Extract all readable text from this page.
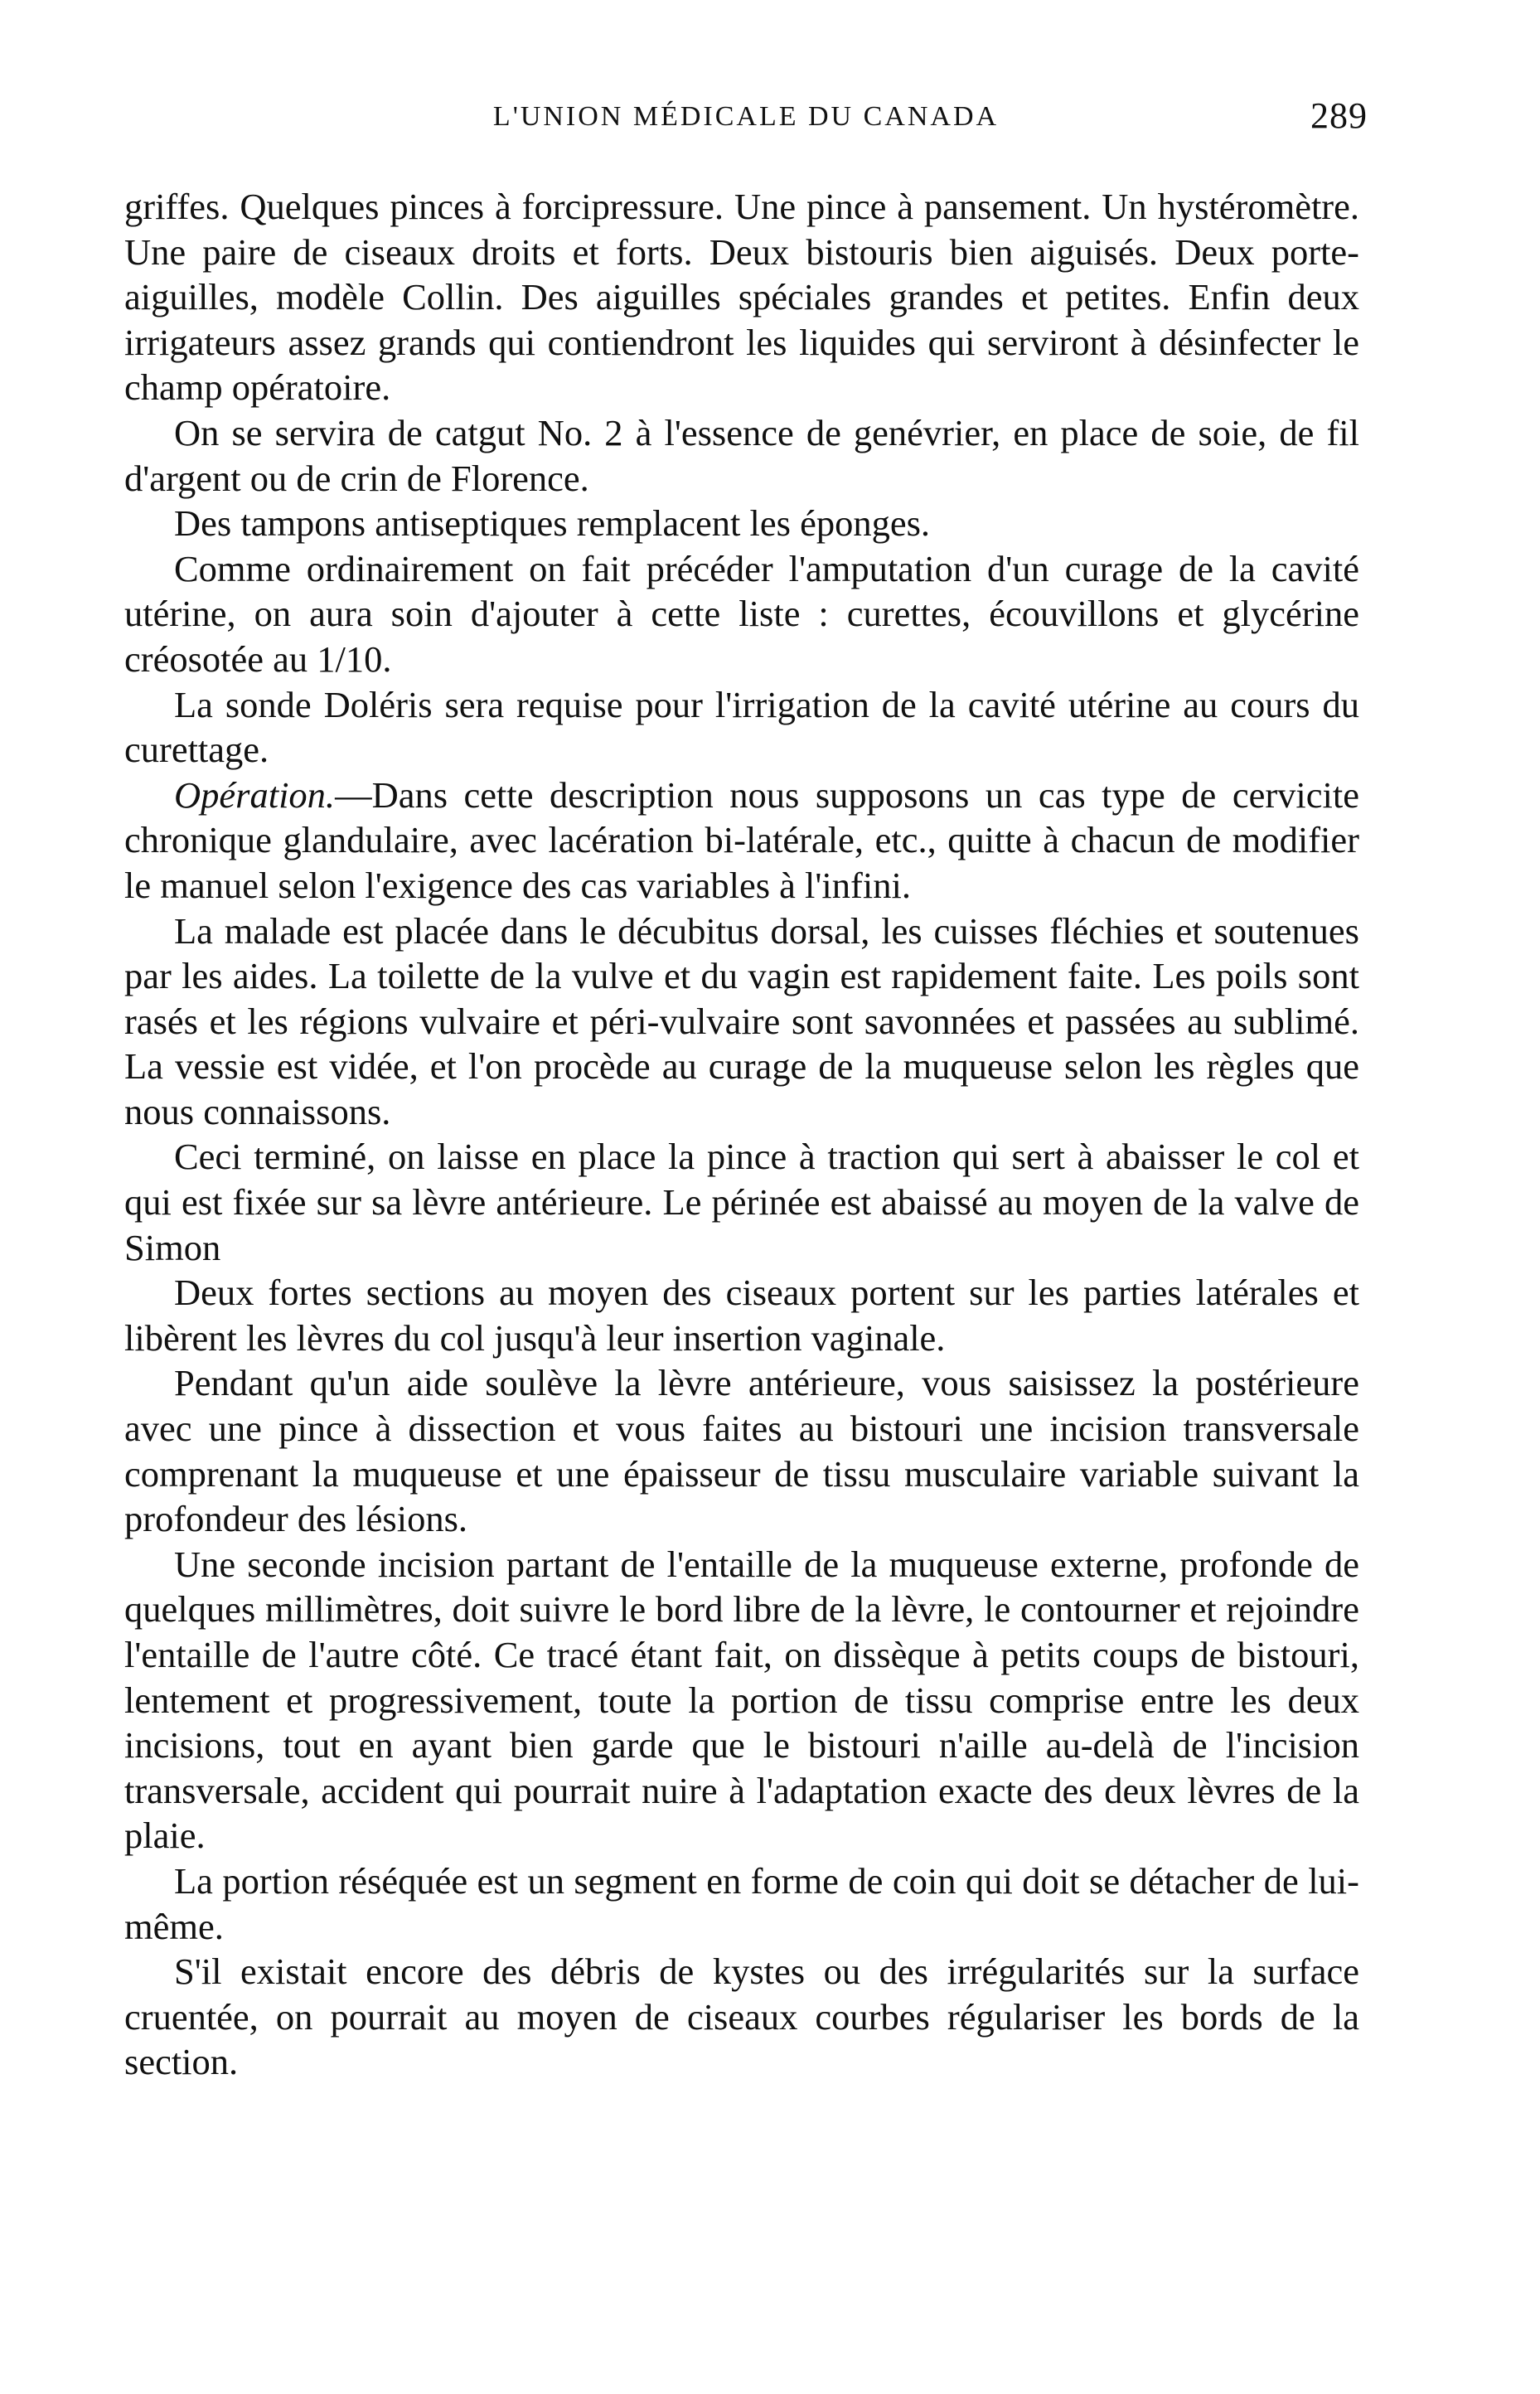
L'UNION MÉDICALE DU CANADA	289

griffes. Quelques pinces à forcipressure. Une pince à pansement. Un hystéromètre. Une paire de ciseaux droits et forts. Deux bistouris bien aiguisés. Deux porte-aiguilles, modèle Collin. Des aiguilles spéciales grandes et petites. Enfin deux irrigateurs assez grands qui contiendront les liquides qui serviront à désinfecter le champ opératoire.

On se servira de catgut No. 2 à l'essence de genévrier, en place de soie, de fil d'argent ou de crin de Florence.

Des tampons antiseptiques remplacent les éponges.

Comme ordinairement on fait précéder l'amputation d'un curage de la cavité utérine, on aura soin d'ajouter à cette liste : curettes, écouvillons et glycérine créosotée au 1/10.

La sonde Doléris sera requise pour l'irrigation de la cavité utérine au cours du curettage.

Opération.—Dans cette description nous supposons un cas type de cervicite chronique glandulaire, avec lacération bi-latérale, etc., quitte à chacun de modifier le manuel selon l'exigence des cas variables à l'infini.

La malade est placée dans le décubitus dorsal, les cuisses fléchies et soutenues par les aides. La toilette de la vulve et du vagin est rapidement faite. Les poils sont rasés et les régions vulvaire et péri-vulvaire sont savonnées et passées au sublimé. La vessie est vidée, et l'on procède au curage de la muqueuse selon les règles que nous connaissons.

Ceci terminé, on laisse en place la pince à traction qui sert à abaisser le col et qui est fixée sur sa lèvre antérieure. Le périnée est abaissé au moyen de la valve de Simon

Deux fortes sections au moyen des ciseaux portent sur les parties latérales et libèrent les lèvres du col jusqu'à leur insertion vaginale.

Pendant qu'un aide soulève la lèvre antérieure, vous saisissez la postérieure avec une pince à dissection et vous faites au bistouri une incision transversale comprenant la muqueuse et une épaisseur de tissu musculaire variable suivant la profondeur des lésions.

Une seconde incision partant de l'entaille de la muqueuse externe, profonde de quelques millimètres, doit suivre le bord libre de la lèvre, le contourner et rejoindre l'entaille de l'autre côté. Ce tracé étant fait, on dissèque à petits coups de bistouri, lentement et progressivement, toute la portion de tissu comprise entre les deux incisions, tout en ayant bien garde que le bistouri n'aille au-delà de l'incision transversale, accident qui pourrait nuire à l'adaptation exacte des deux lèvres de la plaie.

La portion réséquée est un segment en forme de coin qui doit se détacher de lui-même.

S'il existait encore des débris de kystes ou des irrégularités sur la surface cruentée, on pourrait au moyen de ciseaux courbes régulariser les bords de la section.
